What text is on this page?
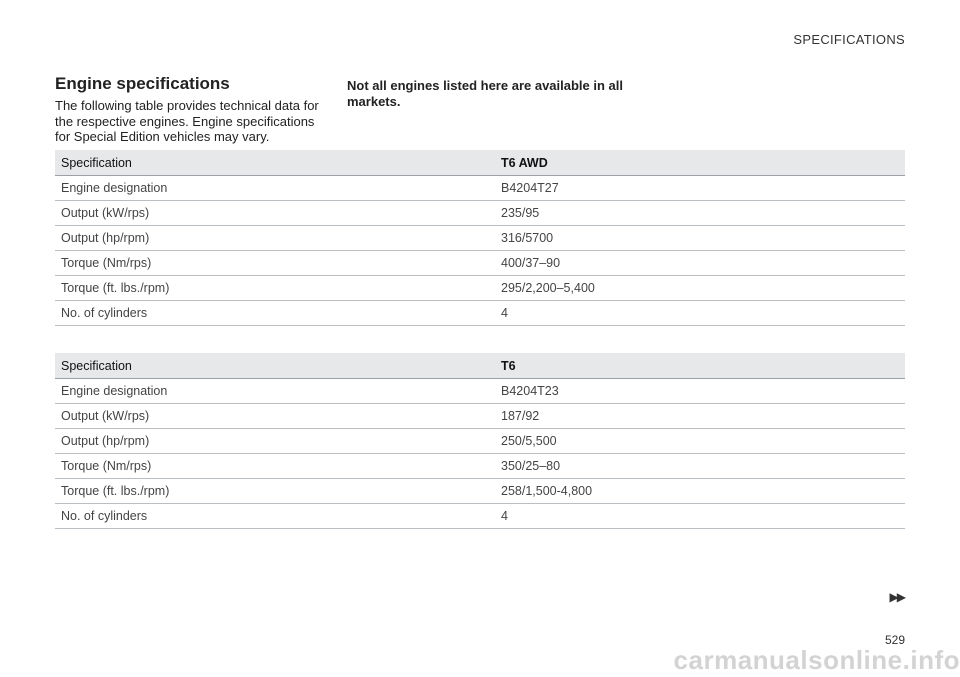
SPECIFICATIONS
Engine specifications

The following table provides technical data for the respective engines. Engine specifications for Special Edition vehicles may vary.

Not all engines listed here are available in all markets.

Specification	T6 AWD
Engine designation	B4204T27
Output (kW/rps)	235/95
Output (hp/rpm)	316/5700
Torque (Nm/rps)	400/37–90
Torque (ft. lbs./rpm)	295/2,200–5,400
No. of cylinders	4
Specification	T6
Engine designation	B4204T23
Output (kW/rps)	187/92
Output (hp/rpm)	250/5,500
Torque (Nm/rps)	350/25–80
Torque (ft. lbs./rpm)	258/1,500-4,800
No. of cylinders	4
▶▶
529
carmanualsonline.info
